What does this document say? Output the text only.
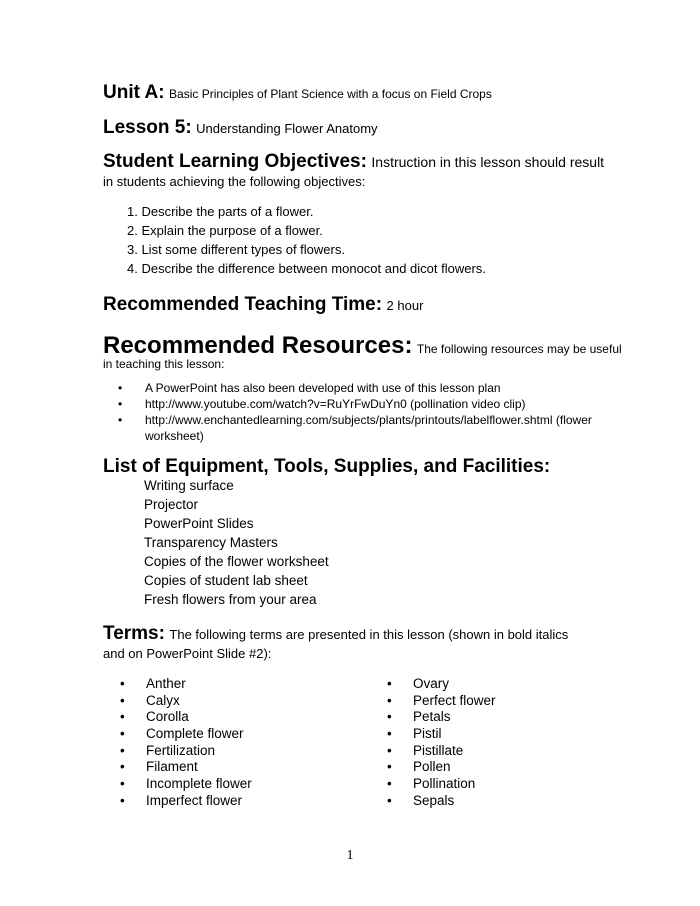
Unit A: Basic Principles of Plant Science with a focus on Field Crops
Lesson 5: Understanding Flower Anatomy
Student Learning Objectives: Instruction in this lesson should result
in students achieving the following objectives:
1. Describe the parts of a flower.
2. Explain the purpose of a flower.
3. List some different types of flowers.
4. Describe the difference between monocot and dicot flowers.
Recommended Teaching Time: 2 hour
Recommended Resources: The following resources may be useful
in teaching this lesson:
• A PowerPoint has also been developed with use of this lesson plan
• http://www.youtube.com/watch?v=RuYrFwDuYn0 (pollination video clip)
• http://www.enchantedlearning.com/subjects/plants/printouts/labelflower.shtml (flower worksheet)
List of Equipment, Tools, Supplies, and Facilities:
Writing surface
Projector
PowerPoint Slides
Transparency Masters
Copies of the flower worksheet
Copies of student lab sheet
Fresh flowers from your area
Terms: The following terms are presented in this lesson (shown in bold italics
and on PowerPoint Slide #2):
• Anther
• Calyx
• Corolla
• Complete flower
• Fertilization
• Filament
• Incomplete flower
• Imperfect flower
• Ovary
• Perfect flower
• Petals
• Pistil
• Pistillate
• Pollen
• Pollination
• Sepals
1
